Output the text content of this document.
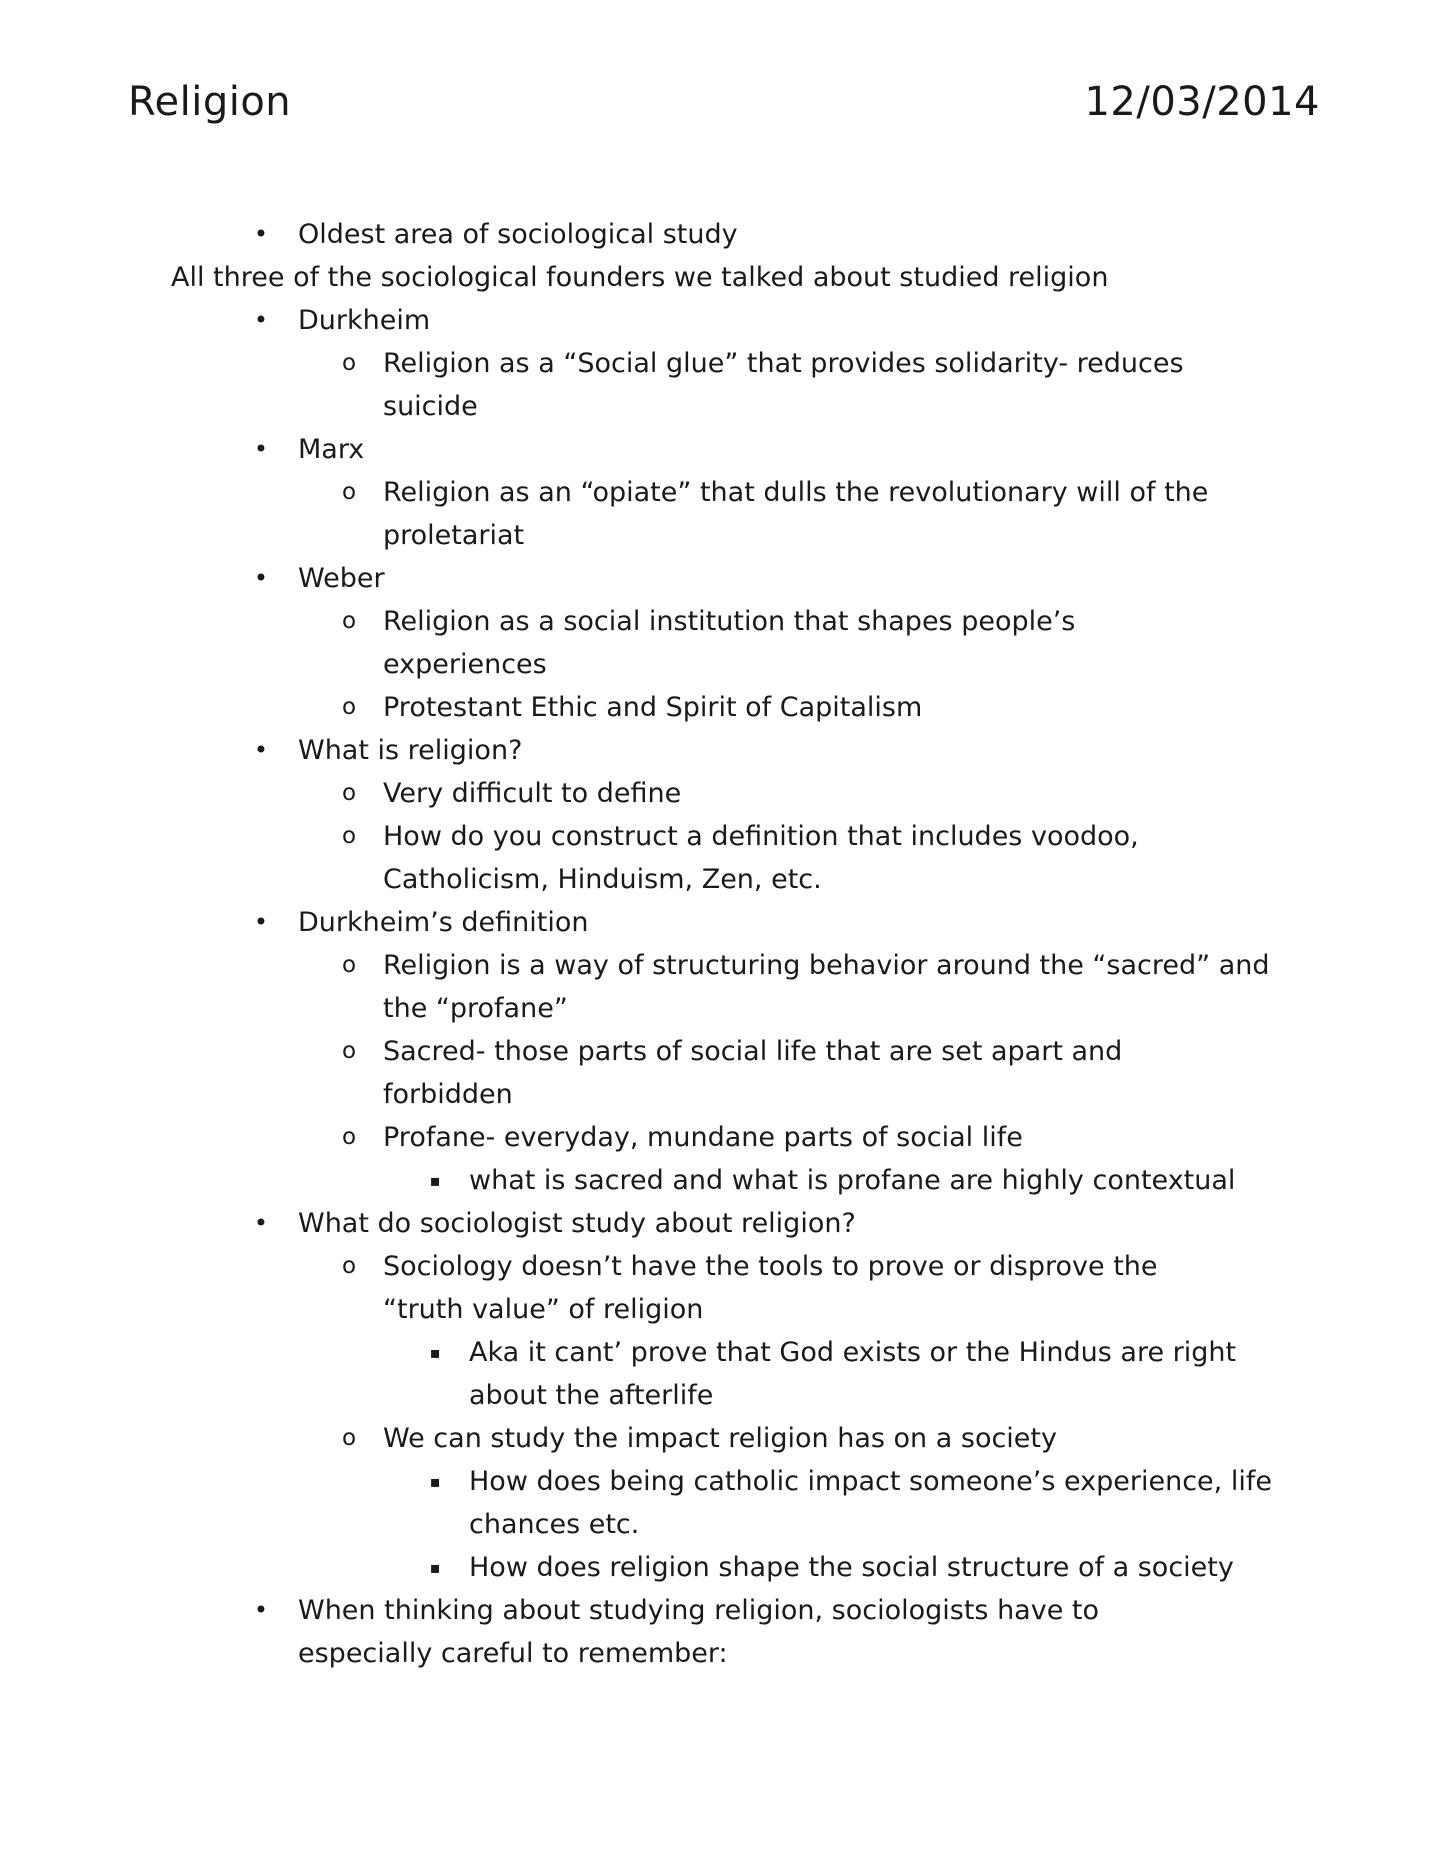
Religion	12/03/2014
• Oldest area of sociological study
All three of the sociological founders we talked about studied religion
• Durkheim
o Religion as a “Social glue” that provides solidarity- reduces suicide
• Marx
o Religion as an “opiate” that dulls the revolutionary will of the proletariat
• Weber
o Religion as a social institution that shapes people’s experiences
o Protestant Ethic and Spirit of Capitalism
• What is religion?
o Very difficult to define
o How do you construct a definition that includes voodoo, Catholicism, Hinduism, Zen, etc.
• Durkheim’s definition
o Religion is a way of structuring behavior around the “sacred” and the “profane”
o Sacred- those parts of social life that are set apart and forbidden
o Profane- everyday, mundane parts of social life
▪	what is sacred and what is profane are highly contextual
• What do sociologist study about religion?
o Sociology doesn’t have the tools to prove or disprove the “truth value” of religion
▪	Aka it cant’ prove that God exists or the Hindus are right about the afterlife
o We can study the impact religion has on a society
▪	How does being catholic impact someone’s experience, life chances etc.
▪	How does religion shape the social structure of a society
• When thinking about studying religion, sociologists have to especially careful to remember:
